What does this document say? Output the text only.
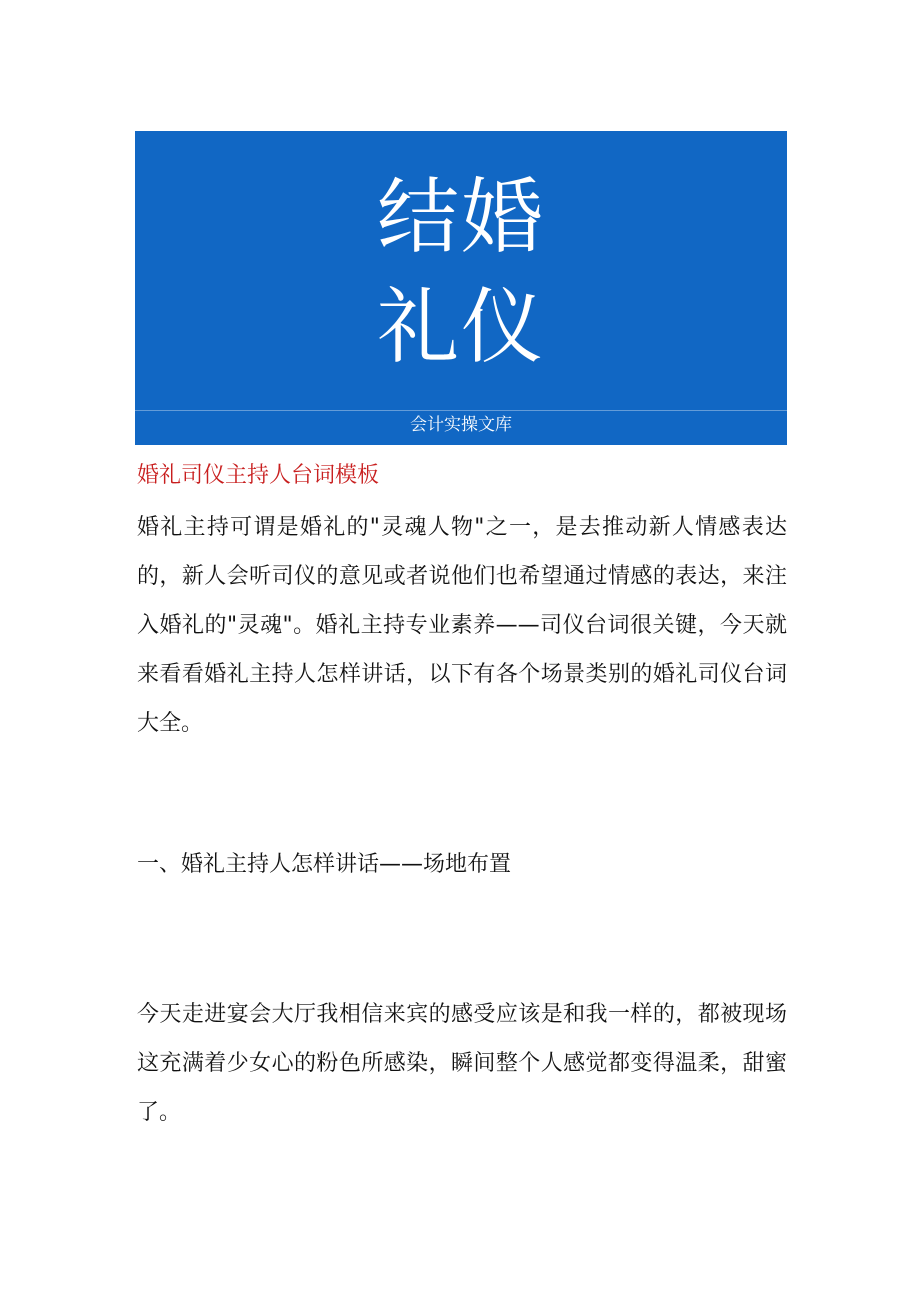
结婚
礼仪
会计实操文库
婚礼司仪主持人台词模板
婚礼主持可谓是婚礼的"灵魂人物"之一，是去推动新人情感表达的，新人会听司仪的意见或者说他们也希望通过情感的表达，来注入婚礼的"灵魂"。婚礼主持专业素养——司仪台词很关键，今天就来看看婚礼主持人怎样讲话，以下有各个场景类别的婚礼司仪台词大全。
一、婚礼主持人怎样讲话——场地布置
今天走进宴会大厅我相信来宾的感受应该是和我一样的，都被现场这充满着少女心的粉色所感染，瞬间整个人感觉都变得温柔，甜蜜了。
